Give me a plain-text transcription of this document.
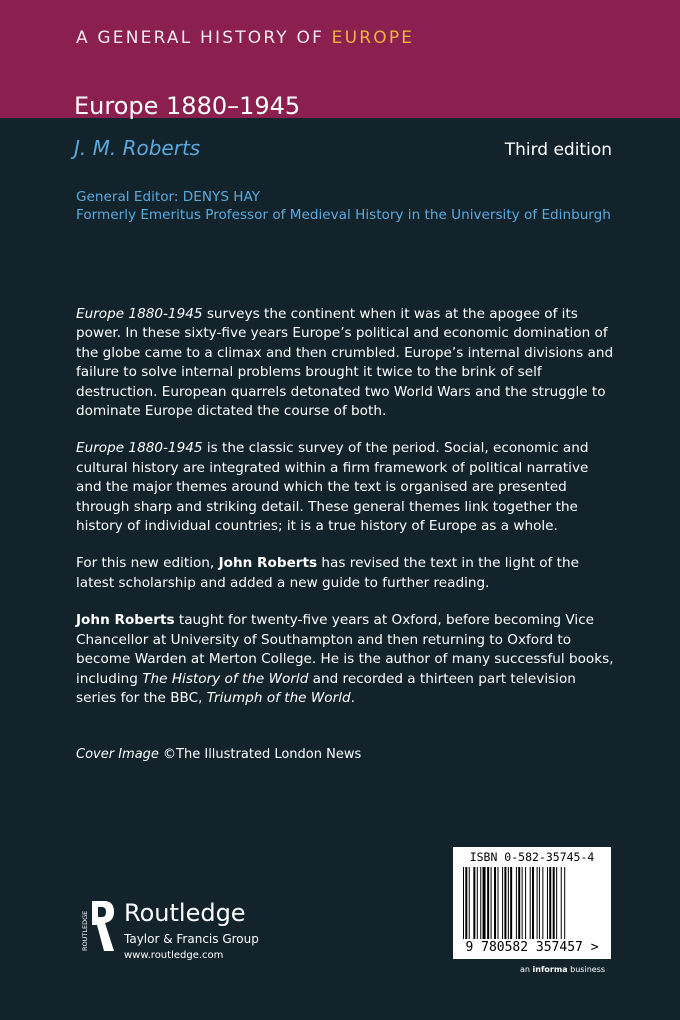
A GENERAL HISTORY OF EUROPE
Europe 1880–1945
J. M. Roberts	Third edition
General Editor: DENYS HAY
Formerly Emeritus Professor of Medieval History in the University of Edinburgh

Europe 1880-1945 surveys the continent when it was at the apogee of its power. In these sixty-five years Europe’s political and economic domination of the globe came to a climax and then crumbled. Europe’s internal divisions and failure to solve internal problems brought it twice to the brink of self destruction. European quarrels detonated two World Wars and the struggle to dominate Europe dictated the course of both.

Europe 1880-1945 is the classic survey of the period. Social, economic and cultural history are integrated within a firm framework of political narrative and the major themes around which the text is organised are presented through sharp and striking detail. These general themes link together the history of individual countries; it is a true history of Europe as a whole.

For this new edition, John Roberts has revised the text in the light of the latest scholarship and added a new guide to further reading.

John Roberts taught for twenty-five years at Oxford, before becoming Vice Chancellor at University of Southampton and then returning to Oxford to become Warden at Merton College. He is the author of many successful books, including The History of the World and recorded a thirteen part television series for the BBC, Triumph of the World.

Cover Image ©The Illustrated London News
ROUTLEDGE Routledge
Taylor & Francis Group
www.routledge.com
ISBN 0-582-35745-4
9 780582 357457 >
an informa business
